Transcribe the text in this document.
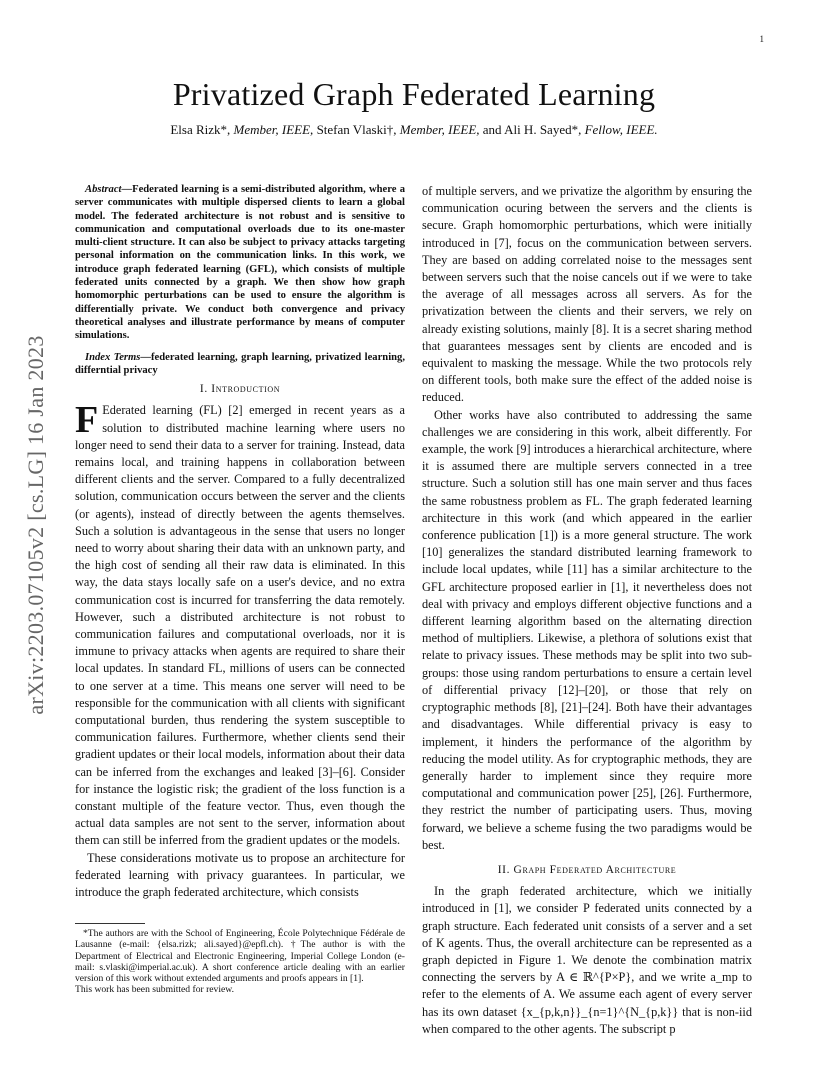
1
arXiv:2203.07105v2 [cs.LG] 16 Jan 2023
Privatized Graph Federated Learning
Elsa Rizk*, Member, IEEE, Stefan Vlaski†, Member, IEEE, and Ali H. Sayed*, Fellow, IEEE.

Abstract—Federated learning is a semi-distributed algorithm, where a server communicates with multiple dispersed clients to learn a global model. The federated architecture is not robust and is sensitive to communication and computational overloads due to its one-master multi-client structure. It can also be subject to privacy attacks targeting personal information on the communication links. In this work, we introduce graph federated learning (GFL), which consists of multiple federated units connected by a graph. We then show how graph homomorphic perturbations can be used to ensure the algorithm is differentially private. We conduct both convergence and privacy theoretical analyses and illustrate performance by means of computer simulations.

Index Terms—federated learning, graph learning, privatized learning, differntial privacy

I. Introduction

F Ederated learning (FL) [2] emerged in recent years as a solution to distributed machine learning where users no longer need to send their data to a server for training. Instead, data remains local, and training happens in collaboration between different clients and the server. Compared to a fully decentralized solution, communication occurs between the server and the clients (or agents), instead of directly between the agents themselves. Such a solution is advantageous in the sense that users no longer need to worry about sharing their data with an unknown party, and the high cost of sending all their raw data is eliminated. In this way, the data stays locally safe on a user's device, and no extra communication cost is incurred for transferring the data remotely. However, such a distributed architecture is not robust to communication failures and computational overloads, nor it is immune to privacy attacks when agents are required to share their local updates. In standard FL, millions of users can be connected to one server at a time. This means one server will need to be responsible for the communication with all clients with significant computational burden, thus rendering the system susceptible to communication failures. Furthermore, whether clients send their gradient updates or their local models, information about their data can be inferred from the exchanges and leaked [3]–[6]. Consider for instance the logistic risk; the gradient of the loss function is a constant multiple of the feature vector. Thus, even though the actual data samples are not sent to the server, information about them can still be inferred from the gradient updates or the models.

These considerations motivate us to propose an architecture for federated learning with privacy guarantees. In particular, we introduce the graph federated architecture, which consists

*The authors are with the School of Engineering, École Polytechnique Fédérale de Lausanne (e-mail: {elsa.rizk; ali.sayed}@epfl.ch). †The author is with the Department of Electrical and Electronic Engineering, Imperial College London (e-mail: s.vlaski@imperial.ac.uk). A short conference article dealing with an earlier version of this work without extended arguments and proofs appears in [1].

This work has been submitted for review.

of multiple servers, and we privatize the algorithm by ensuring the communication ocuring between the servers and the clients is secure. Graph homomorphic perturbations, which were initially introduced in [7], focus on the communication between servers. They are based on adding correlated noise to the messages sent between servers such that the noise cancels out if we were to take the average of all messages across all servers. As for the privatization between the clients and their servers, we rely on already existing solutions, mainly [8]. It is a secret sharing method that guarantees messages sent by clients are encoded and is equivalent to masking the message. While the two protocols rely on different tools, both make sure the effect of the added noise is reduced.

Other works have also contributed to addressing the same challenges we are considering in this work, albeit differently. For example, the work [9] introduces a hierarchical architecture, where it is assumed there are multiple servers connected in a tree structure. Such a solution still has one main server and thus faces the same robustness problem as FL. The graph federated learning architecture in this work (and which appeared in the earlier conference publication [1]) is a more general structure. The work [10] generalizes the standard distributed learning framework to include local updates, while [11] has a similar architecture to the GFL architecture proposed earlier in [1], it nevertheless does not deal with privacy and employs different objective functions and a different learning algorithm based on the alternating direction method of multipliers. Likewise, a plethora of solutions exist that relate to privacy issues. These methods may be split into two sub-groups: those using random perturbations to ensure a certain level of differential privacy [12]–[20], or those that rely on cryptographic methods [8], [21]–[24]. Both have their advantages and disadvantages. While differential privacy is easy to implement, it hinders the performance of the algorithm by reducing the model utility. As for cryptographic methods, they are generally harder to implement since they require more computational and communication power [25], [26]. Furthermore, they restrict the number of participating users. Thus, moving forward, we believe a scheme fusing the two paradigms would be best.

II. Graph Federated Architecture

In the graph federated architecture, which we initially introduced in [1], we consider P federated units connected by a graph structure. Each federated unit consists of a server and a set of K agents. Thus, the overall architecture can be represented as a graph depicted in Figure 1. We denote the combination matrix connecting the servers by A ∈ ℝ^{P×P}, and we write a_mp to refer to the elements of A. We assume each agent of every server has its own dataset {x_{p,k,n}}_{n=1}^{N_{p,k}} that is non-iid when compared to the other agents. The subscript p
